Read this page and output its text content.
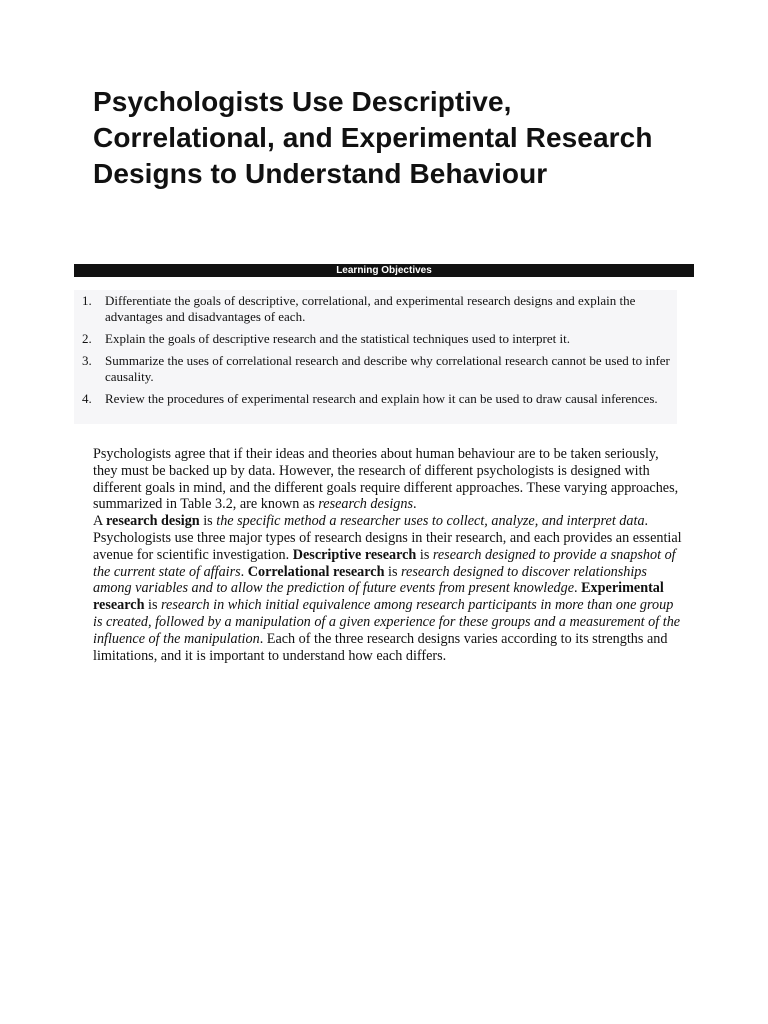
Psychologists Use Descriptive, Correlational, and Experimental Research Designs to Understand Behaviour
Learning Objectives
1. Differentiate the goals of descriptive, correlational, and experimental research designs and explain the advantages and disadvantages of each.
2. Explain the goals of descriptive research and the statistical techniques used to interpret it.
3. Summarize the uses of correlational research and describe why correlational research cannot be used to infer causality.
4. Review the procedures of experimental research and explain how it can be used to draw causal inferences.

Psychologists agree that if their ideas and theories about human behaviour are to be taken seriously, they must be backed up by data. However, the research of different psychologists is designed with different goals in mind, and the different goals require different approaches. These varying approaches, summarized in Table 3.2, are known as research designs.
A research design is the specific method a researcher uses to collect, analyze, and interpret data. Psychologists use three major types of research designs in their research, and each provides an essential avenue for scientific investigation. Descriptive research is research designed to provide a snapshot of the current state of affairs. Correlational research is research designed to discover relationships among variables and to allow the prediction of future events from present knowledge. Experimental research is research in which initial equivalence among research participants in more than one group is created, followed by a manipulation of a given experience for these groups and a measurement of the influence of the manipulation. Each of the three research designs varies according to its strengths and limitations, and it is important to understand how each differs.
